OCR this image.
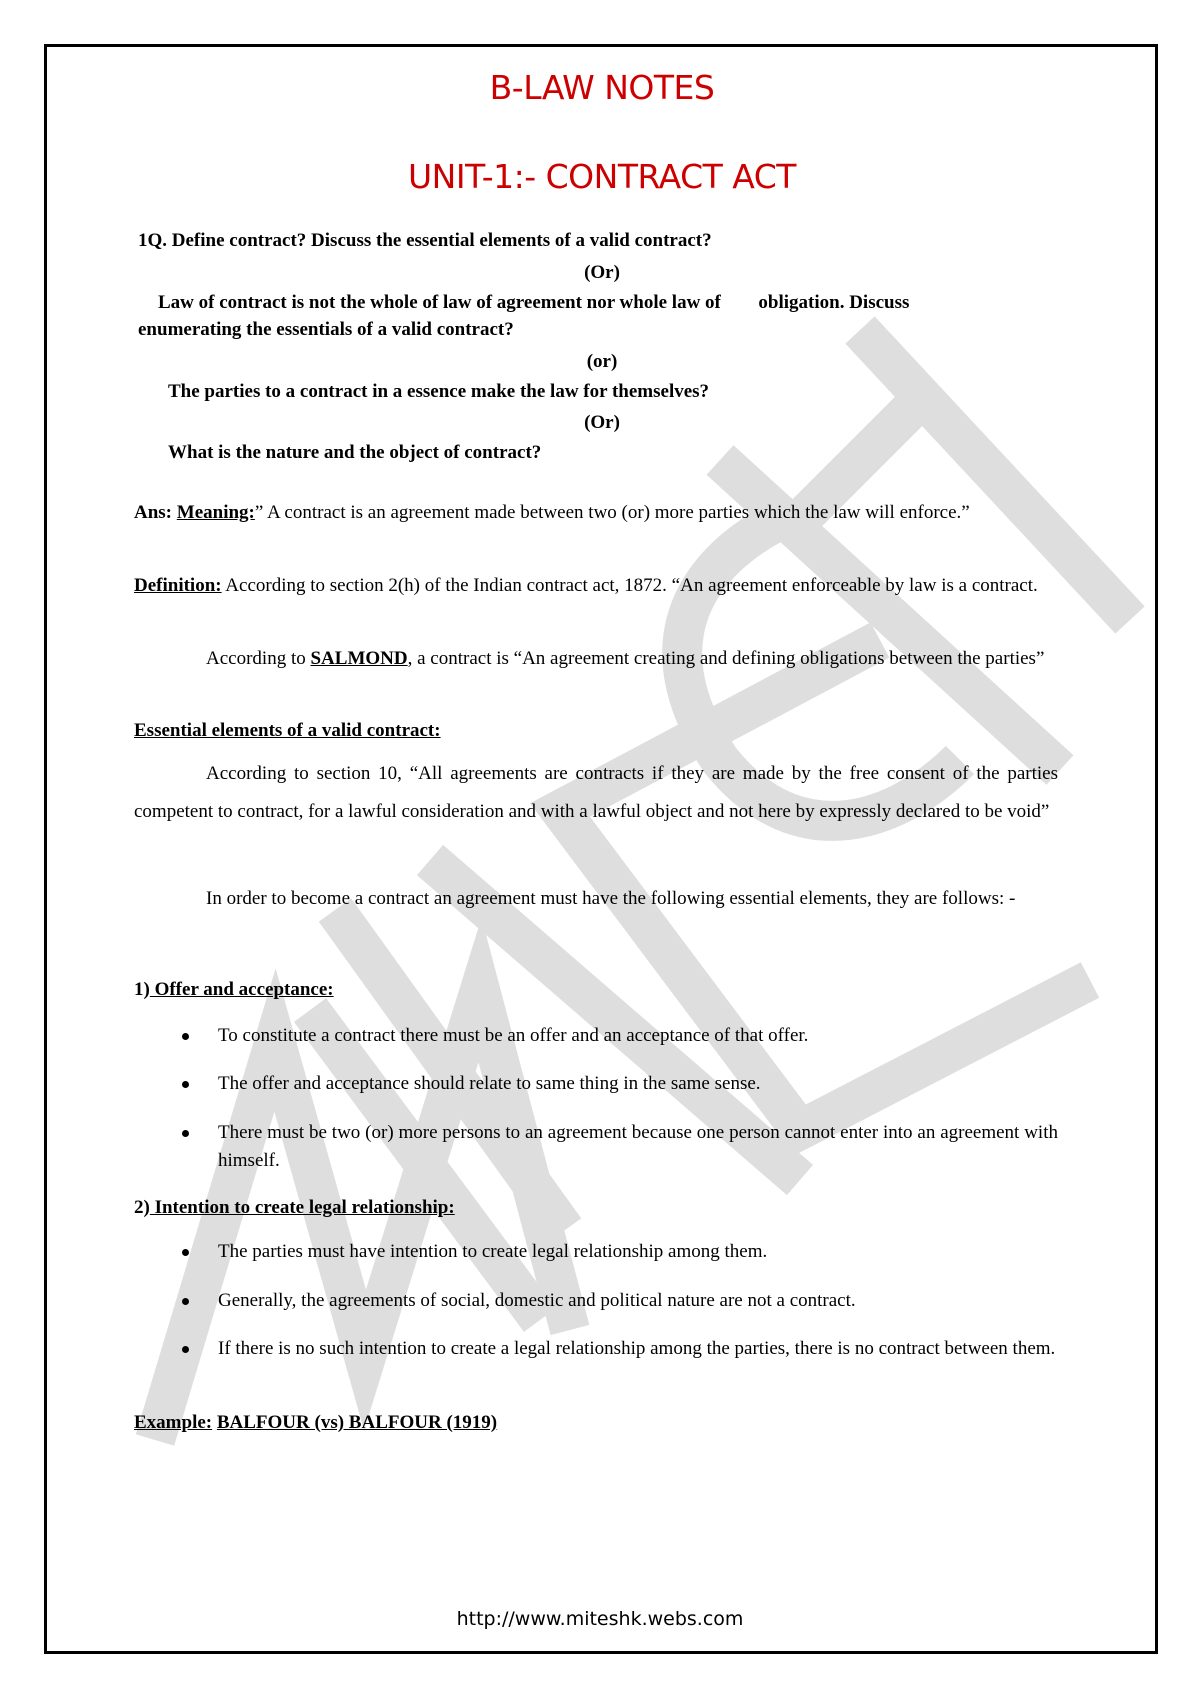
B-LAW NOTES
UNIT-1:- CONTRACT ACT
1Q. Define contract? Discuss the essential elements of a valid contract?
(Or)
Law of contract is not the whole of law of agreement nor whole law of obligation. Discuss
enumerating the essentials of a valid contract?
(or)
The parties to a contract in a essence make the law for themselves?
(Or)
What is the nature and the object of contract?
Ans: Meaning:” A contract is an agreement made between two (or) more parties which the law will enforce.”
Definition: According to section 2(h) of the Indian contract act, 1872. “An agreement enforceable by law is a contract.
According to SALMOND, a contract is “An agreement creating and defining obligations between the parties”
Essential elements of a valid contract:
According to section 10, “All agreements are contracts if they are made by the free consent of the parties competent to contract, for a lawful consideration and with a lawful object and not here by expressly declared to be void”
In order to become a contract an agreement must have the following essential elements, they are follows: -
1) Offer and acceptance:
To constitute a contract there must be an offer and an acceptance of that offer.
The offer and acceptance should relate to same thing in the same sense.
There must be two (or) more persons to an agreement because one person cannot enter into an agreement with himself.
2) Intention to create legal relationship:
The parties must have intention to create legal relationship among them.
Generally, the agreements of social, domestic and political nature are not a contract.
If there is no such intention to create a legal relationship among the parties, there is no contract between them.
Example: BALFOUR (vs) BALFOUR (1919)
http://www.miteshk.webs.com
